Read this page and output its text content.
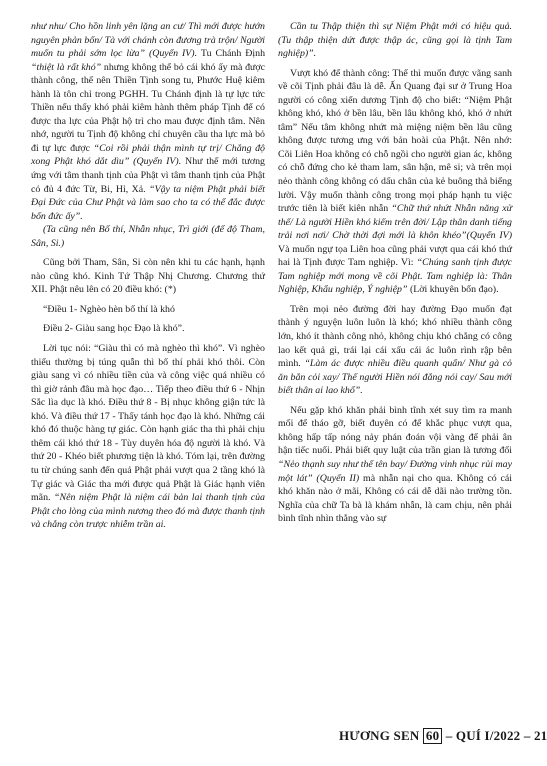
như nhu/ Cho hồn linh yên lặng an cư/ Thì mới được hướn nguyên phản bổn/ Tà với chánh còn đương trà trộn/ Người muốn tu phải sớm lọc lừa” (Quyển IV). Tu Chánh Định “thiệt là rất khó” nhưng không thể bỏ cái khó ấy mà được thành công, thế nên Thiền Tịnh song tu, Phước Huệ kiêm hành là tôn chỉ trong PGHH. Tu Chánh định là tự lực tức Thiền nếu thấy khó phải kiêm hành thêm pháp Tịnh để có được tha lực của Phật hộ trì cho mau được định tâm. Nên nhớ, người tu Tịnh độ không chỉ chuyên cầu tha lực mà bỏ đi tự lực được “Coi rồi phải thận mình tự trị/ Chẳng độ xong Phật khó dắt dìu” (Quyển IV). Như thế mới tương ứng với tâm thanh tịnh của Phật vì tâm thanh tịnh của Phật có đủ 4 đức Từ, Bi, Hỉ, Xả. “Vậy ta niệm Phật phải biết Đại Đức của Chư Phật và làm sao cho ta có thể đắc được bốn đức ấy”.

(Ta cũng nên Bố thí, Nhẫn nhục, Trì giới (để độ Tham, Sân, Si.)

Cũng bởi Tham, Sân, Si còn nên khi tu các hạnh, hạnh nào cũng khó. Kinh Tứ Thập Nhị Chương. Chương thứ XII. Phật nêu lên có 20 điều khó: (*)

“Điều 1- Nghèo hèn bố thí là khó

Điều 2- Giàu sang học Đạo là khó”.

Lời tục nói: “Giàu thì có mà nghèo thì khó”. Vì nghèo thiếu thường bị túng quẫn thì bố thí phải khó thôi. Còn giàu sang vì có nhiều tiền của và công việc quá nhiều có thì giờ rảnh đâu mà học đạo… Tiếp theo điều thứ 6 - Nhịn Sắc lìa dục là khó. Điều thứ 8 - Bị nhục không giận tức là khó. Và điều thứ 17 - Thấy tánh học đạo là khó. Những cái khó đó thuộc hàng tự giác. Còn hạnh giác tha thì phải chịu thêm cái khó thứ 18 - Tùy duyên hóa độ người là khó. Và thứ 20 - Khéo biết phương tiện là khó. Tóm lại, trên đường tu từ chúng sanh đến quả Phật phải vượt qua 2 tầng khó là Tự giác và Giác tha mới được quả Phật là Giác hạnh viên mãn. “Nên niệm Phật là niệm cái bản lai thanh tịnh của Phật cho lòng của mình nương theo đó mà được thanh tịnh và chẳng còn trược nhiễm trần ai.

Cần tu Thập thiện thì sự Niệm Phật mới có hiệu quả. (Tu thập thiện dứt được thập ác, cũng gọi là tịnh Tam nghiệp)”.

Vượt khó để thành công: Thế thì muốn được vãng sanh về cõi Tịnh phải đâu là dễ. Ấn Quang đại sư ở Trung Hoa người có công xiển dương Tịnh độ cho biết: “Niệm Phật không khó, khó ở bền lâu, bền lâu không khó, khó ở nhứt tâm” Nếu tâm không nhứt mà miệng niệm bền lâu cũng không được tương ưng với bản hoài của Phật. Nên nhớ: Cõi Liên Hoa không có chỗ ngồi cho người gian ác, không có chỗ đứng cho kẻ tham lam, sân hận, mê si; và trên mọi nẻo thành công không có dấu chân của kẻ buông thả biếng lười. Vậy muốn thành công trong mọi pháp hạnh tu việc trước tiên là biết kiên nhẫn “Chữ thứ nhứt Nhẫn năng xử thế/ Là người Hiền khó kiếm trên đời/ Lập thân danh tiếng trải nơi nơi/ Chờ thời đợi mới là khôn khéo”(Quyển IV) Và muốn ngự tọa Liên hoa cũng phải vượt qua cái khó thứ hai là Tịnh được Tam nghiệp. Vì: “Chúng sanh tịnh được Tam nghiệp mới mong về cõi Phật. Tam nghiệp là: Thân Nghiệp, Khẩu nghiệp, Ý nghiệp” (Lời khuyên bổn đạo).

Trên mọi nẻo đường đời hay đường Đạo muốn đạt thành ý nguyện luôn luôn là khó; khó nhiều thành công lớn, khó ít thành công nhỏ, không chịu khó chẳng có công lao kết quả gì, trái lại cái xấu cái ác luôn rình rập bên mình. “Làm ác được nhiều điều quanh quẩn/ Như gà cỏ ăn bắn cỏi xay/ Thế người Hiền nói đắng nói cay/ Sau mới biết thân ai lao khổ”.

Nếu gặp khó khăn phải bình tĩnh xét suy tìm ra manh mối để tháo gỡ, biết đuyên có để khắc phục vượt qua, không hấp tấp nóng nảy phán đoán vội vàng để phải ân hận tiếc nuối. Phải biết quy luật của trần gian là tương đối “Nẻo thạnh suy như thể tên bay/ Đường vinh nhục rủi may một lát” (Quyển II) mà nhẫn nại cho qua. Không có cái khó khăn nào ở mãi, Không có cái dễ dãi nào trường tồn. Nghĩa của chữ Ta bà là khám nhẫn, là cam chịu, nên phải bình tĩnh nhìn thẳng vào sự

HƯƠNG SEN 60 – QUÍ I/2022 – 21
